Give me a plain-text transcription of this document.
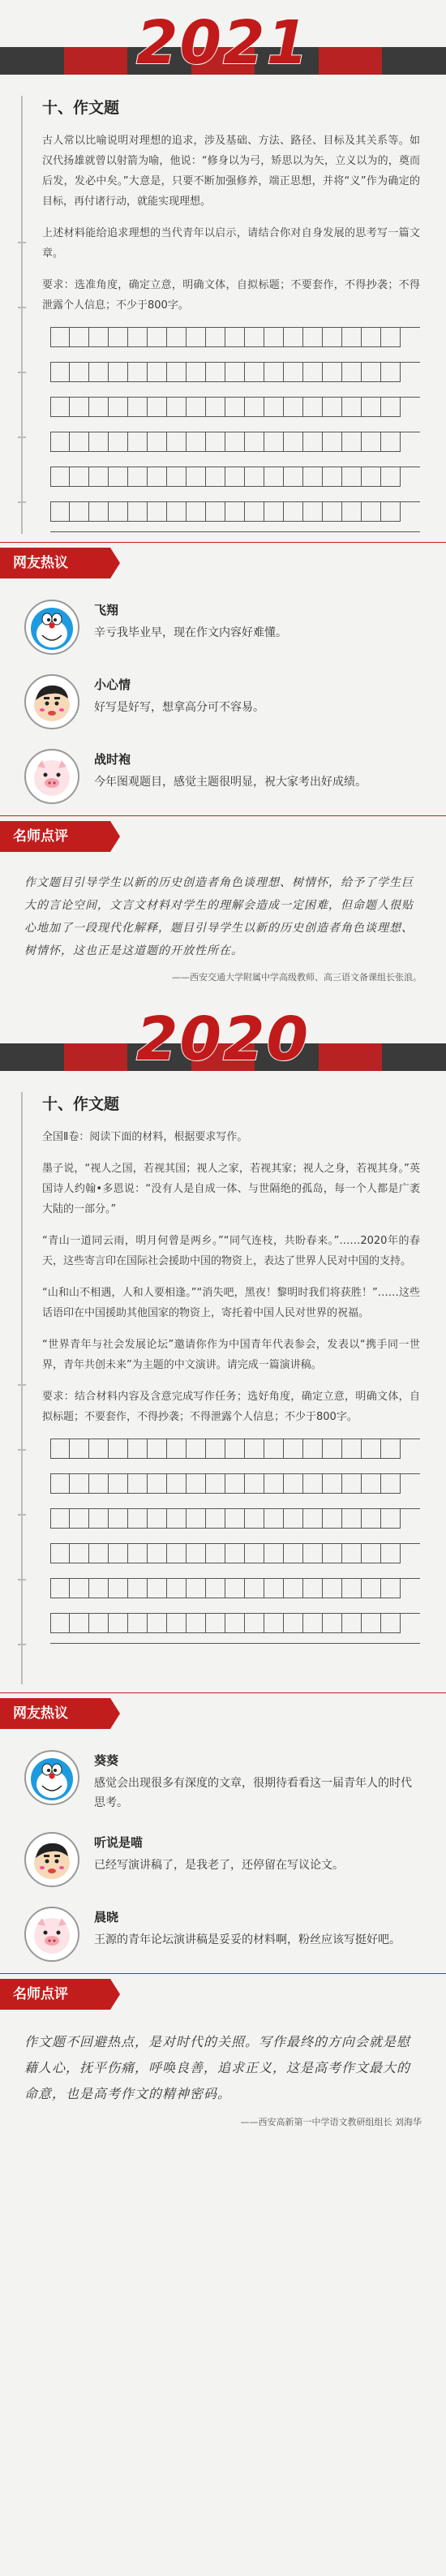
2021
十、作文题

古人常以比喻说明对理想的追求，涉及基础、方法、路径、目标及其关系等。如汉代扬雄就曾以射箭为喻，他说：“修身以为弓，矫思以为矢，立义以为的，奠而后发，发必中矣。”大意是，只要不断加强修养，端正思想，并将“义”作为确定的目标，再付诸行动，就能实现理想。

上述材料能给追求理想的当代青年以启示，请结合你对自身发展的思考写一篇文章。

要求：选准角度，确定立意，明确文体，自拟标题；不要套作，不得抄袭；不得泄露个人信息；不少于800字。

网友热议
飞翔
辛亏我毕业早，现在作文内容好难懂。
小心情
好写是好写，想拿高分可不容易。
战时袍
今年图观题目，感觉主题很明显，祝大家考出好成绩。
名师点评
作文题目引导学生以新的历史创造者角色谈理想、树情怀，给予了学生巨大的言论空间，文言文材料对学生的理解会造成一定困难，但命题人很贴心地加了一段现代化解释，题目引导学生以新的历史创造者角色谈理想、树情怀，这也正是这道题的开放性所在。
——西安交通大学附属中学高级教师、高三语文备课组长张浪。
2020
十、作文题

全国Ⅱ卷：阅读下面的材料，根据要求写作。

墨子说，“视人之国，若视其国；视人之家，若视其家；视人之身，若视其身。”英国诗人约翰•多恩说：“没有人是自成一体、与世隔绝的孤岛，每一个人都是广袤大陆的一部分。”

“青山一道同云雨，明月何曾是两乡。”“同气连枝，共盼春来。”……2020年的春天，这些寄言印在国际社会援助中国的物资上，表达了世界人民对中国的支持。

“山和山不相遇，人和人要相逢。”“消失吧，黑夜！黎明时我们将获胜！”……这些话语印在中国援助其他国家的物资上，寄托着中国人民对世界的祝福。

“世界青年与社会发展论坛”邀请你作为中国青年代表参会，发表以“携手同一世界，青年共创未来”为主题的中文演讲。请完成一篇演讲稿。

要求：结合材料内容及含意完成写作任务；选好角度，确定立意，明确文体，自拟标题；不要套作，不得抄袭；不得泄露个人信息；不少于800字。

网友热议
葵葵
感觉会出现很多有深度的文章，很期待看看这一届青年人的时代思考。
听说是喵
已经写演讲稿了，是我老了，还停留在写议论文。
晨晓
王源的青年论坛演讲稿是妥妥的材料啊，粉丝应该写挺好吧。
名师点评
作文题不回避热点，是对时代的关照。写作最终的方向会就是慰藉人心，抚平伤痛，呼唤良善，追求正义，这是高考作文最大的命意，也是高考作文的精神密码。
——西安高新第一中学语文教研组组长 刘海华
